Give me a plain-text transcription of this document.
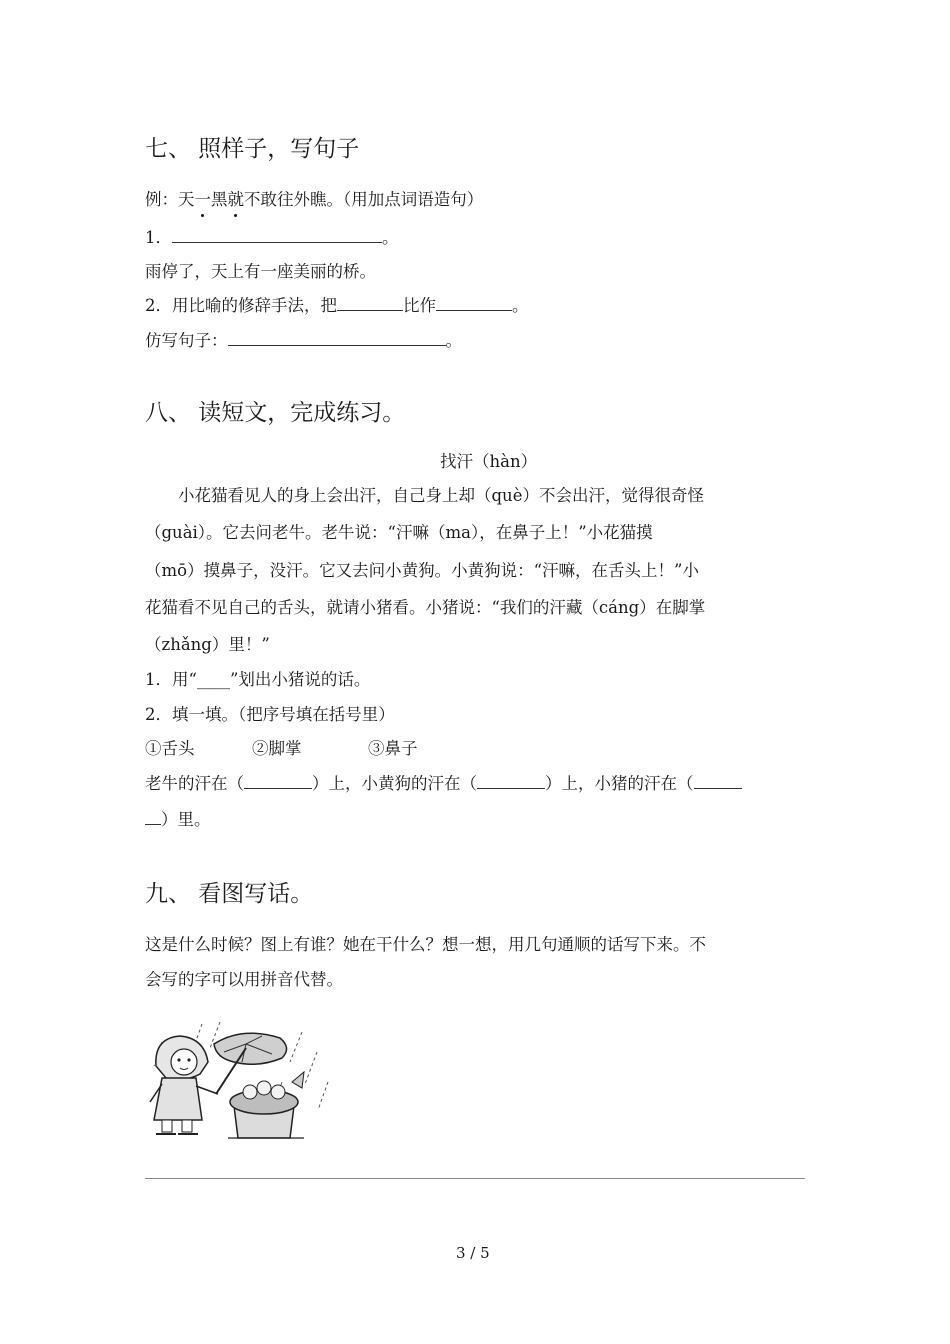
七、 照样子，写句子
例：天一黑就不敢往外瞧。（用加点词语造句）
1．	。
雨停了，天上有一座美丽的桥。
2．用比喻的修辞手法，把	比作	。
仿写句子：	。
八、 读短文，完成练习。
找汗（hàn）
小花猫看见人的身上会出汗，自己身上却（què）不会出汗，觉得很奇怪
（guài）。它去问老牛。老牛说：“汗嘛（ma），在鼻子上！”小花猫摸
（mō）摸鼻子，没汗。它又去问小黄狗。小黄狗说：“汗嘛，在舌头上！”小
花猫看不见自己的舌头，就请小猪看。小猪说：“我们的汗藏（cáng）在脚掌
（zhǎng）里！”
1．用“____”划出小猪说的话。
2．填一填。（把序号填在括号里）
①舌头	②脚掌	③鼻子
老牛的汗在（	）上，小黄狗的汗在（	）上，小猪的汗在（
）里。
九、 看图写话。
这是什么时候？图上有谁？她在干什么？想一想，用几句通顺的话写下来。不
会写的字可以用拼音代替。
3 / 5
